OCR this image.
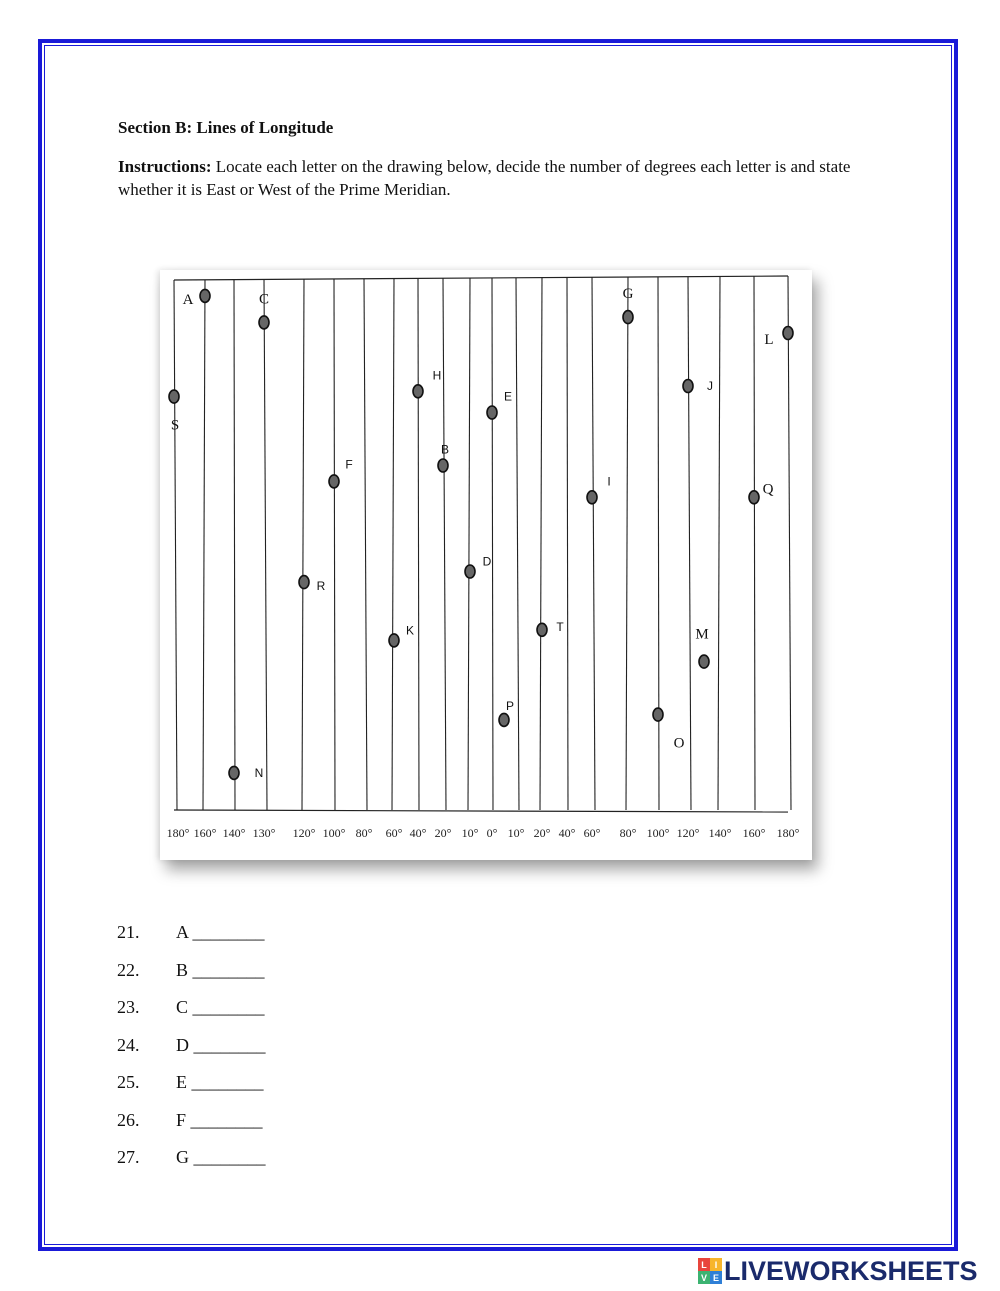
Section B: Lines of Longitude

Instructions: Locate each letter on the drawing below, decide the number of degrees each letter is and state whether it is East or West of the Prime Meridian.

180° 160° 140° 130° 120° 100° 80° 60° 40° 20° 10° 0° 10° 20° 40° 60° 80° 100° 120° 140° 160° 180°
A	C
S
H
E
B
F
D
R
K	T
I
P
N
G
J
L
Q
M
O
21.	A ________
22.	B ________
23.	C ________
24.	D ________
25.	E ________
26.	F ________
27.	G ________
L I
V E LIVEWORKSHEETS
